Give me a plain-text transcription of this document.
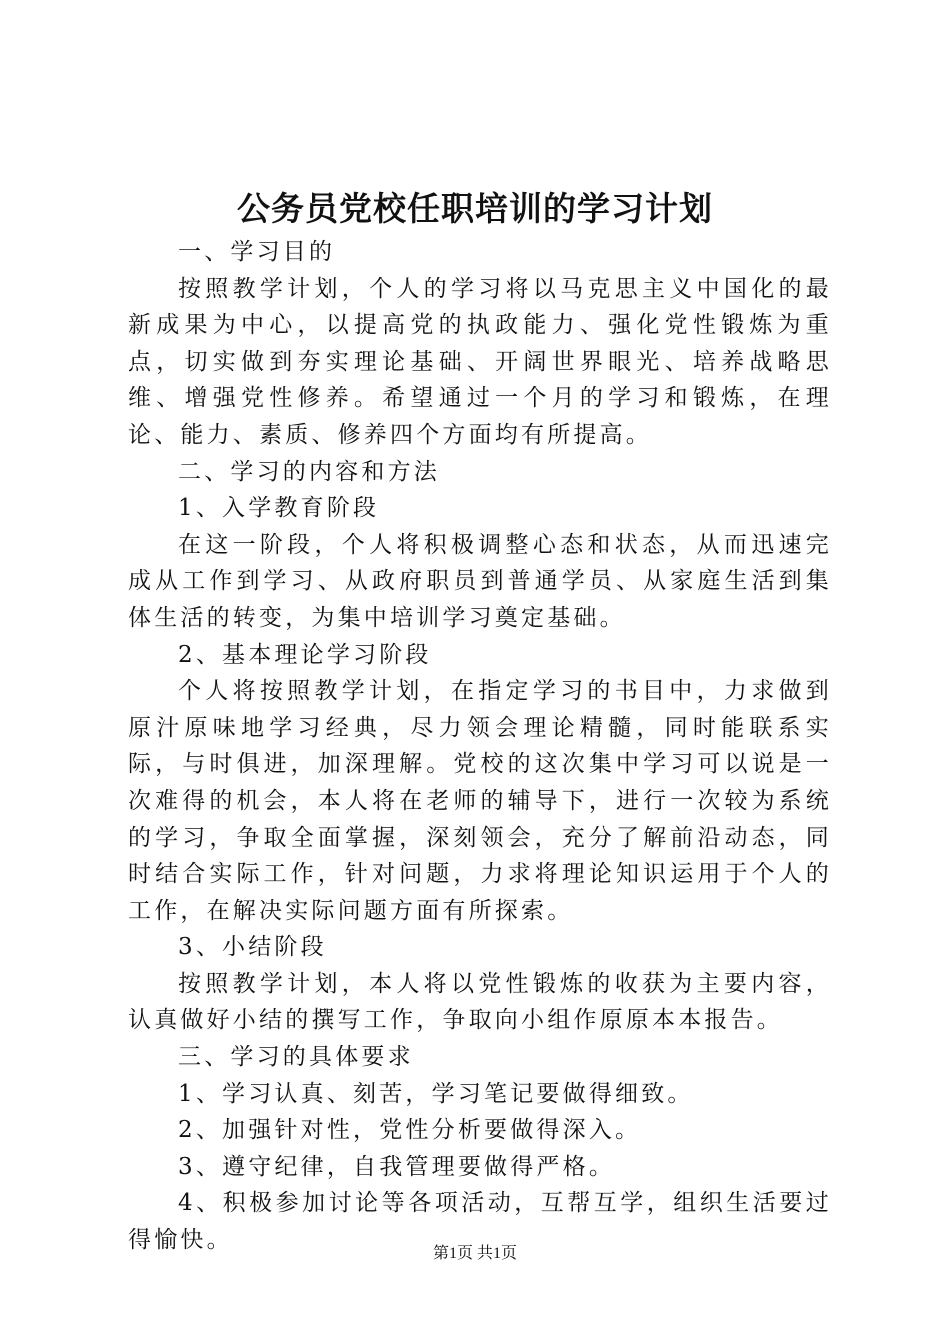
公务员党校任职培训的学习计划

一、学习目的

按照教学计划，个人的学习将以马克思主义中国化的最新成果为中心，以提高党的执政能力、强化党性锻炼为重点，切实做到夯实理论基础、开阔世界眼光、培养战略思维、增强党性修养。希望通过一个月的学习和锻炼，在理论、能力、素质、修养四个方面均有所提高。

二、学习的内容和方法

1、入学教育阶段

在这一阶段，个人将积极调整心态和状态，从而迅速完成从工作到学习、从政府职员到普通学员、从家庭生活到集体生活的转变，为集中培训学习奠定基础。

2、基本理论学习阶段

个人将按照教学计划，在指定学习的书目中，力求做到原汁原味地学习经典，尽力领会理论精髓，同时能联系实际，与时俱进，加深理解。党校的这次集中学习可以说是一次难得的机会，本人将在老师的辅导下，进行一次较为系统的学习，争取全面掌握，深刻领会，充分了解前沿动态，同时结合实际工作，针对问题，力求将理论知识运用于个人的工作，在解决实际问题方面有所探索。

3、小结阶段

按照教学计划，本人将以党性锻炼的收获为主要内容，认真做好小结的撰写工作，争取向小组作原原本本报告。

三、学习的具体要求

1、学习认真、刻苦，学习笔记要做得细致。

2、加强针对性，党性分析要做得深入。

3、遵守纪律，自我管理要做得严格。

4、积极参加讨论等各项活动，互帮互学，组织生活要过得愉快。

第1页 共1页
